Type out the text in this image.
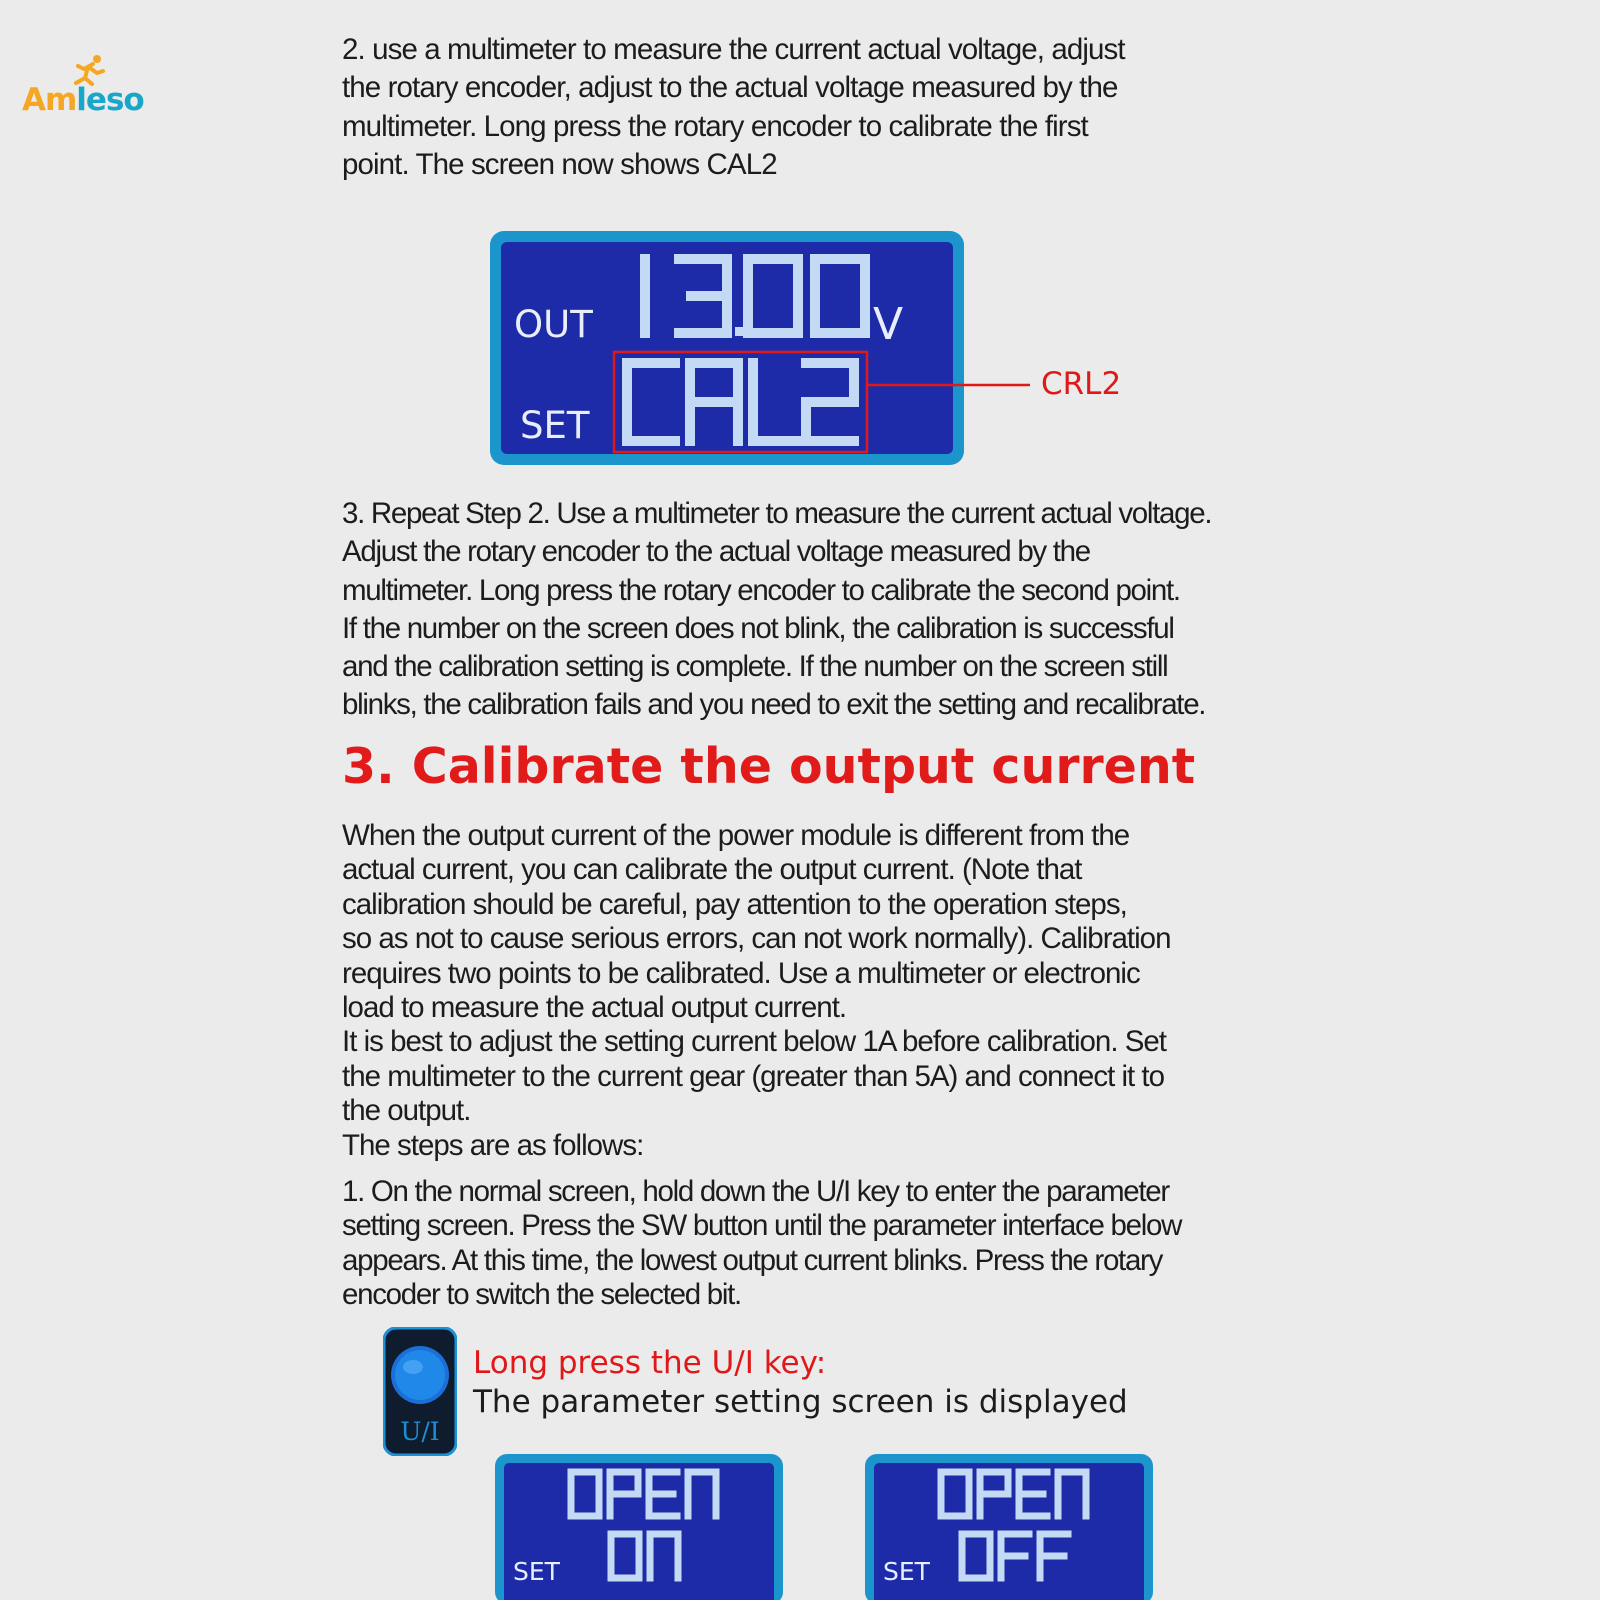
Amleso

2. use a multimeter to measure the current actual voltage, adjust
the rotary encoder, adjust to the actual voltage measured by the
multimeter. Long press the rotary encoder to calibrate the first
point. The screen now shows CAL2

OUT
SET
V
CRL2

3. Repeat Step 2. Use a multimeter to measure the current actual voltage.
Adjust the rotary encoder to the actual voltage measured by the
multimeter. Long press the rotary encoder to calibrate the second point.
If the number on the screen does not blink, the calibration is successful
and the calibration setting is complete. If the number on the screen still
blinks, the calibration fails and you need to exit the setting and recalibrate.

3. Calibrate the output current

When the output current of the power module is different from the
actual current, you can calibrate the output current. (Note that
calibration should be careful, pay attention to the operation steps,
so as not to cause serious errors, can not work normally). Calibration
requires two points to be calibrated. Use a multimeter or electronic
load to measure the actual output current.
It is best to adjust the setting current below 1A before calibration. Set
the multimeter to the current gear (greater than 5A) and connect it to
the output.
The steps are as follows:

1. On the normal screen, hold down the U/I key to enter the parameter
setting screen. Press the SW button until the parameter interface below
appears. At this time, the lowest output current blinks. Press the rotary
encoder to switch the selected bit.

U/I

Long press the U/I key:

The parameter setting screen is displayed

SET	SET
